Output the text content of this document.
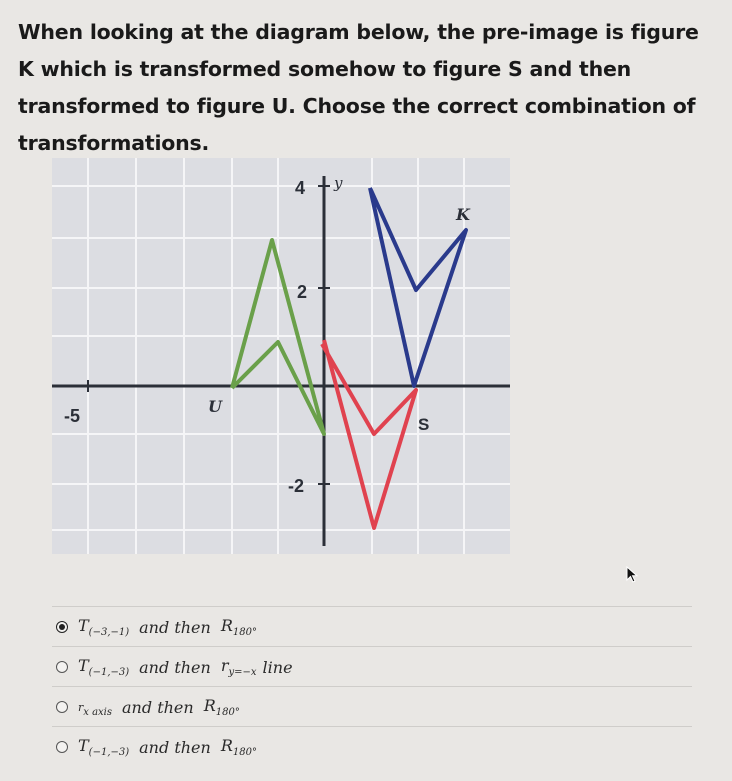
When looking at the diagram below, the pre-image is figure K which is transformed somehow to figure S and then transformed to figure U. Choose the correct combination of transformations.
4 y
2
-2
-5
K
S
U
$T_{(-3,-1)}$ and then $R_{180^\circ}$
$T_{(-1,-3)}$ and then $r_{y=-x}$ line
$r_{x axis}$ and then $R_{180^\circ}$
$T_{(-1,-3)}$ and then $R_{180^\circ}$
